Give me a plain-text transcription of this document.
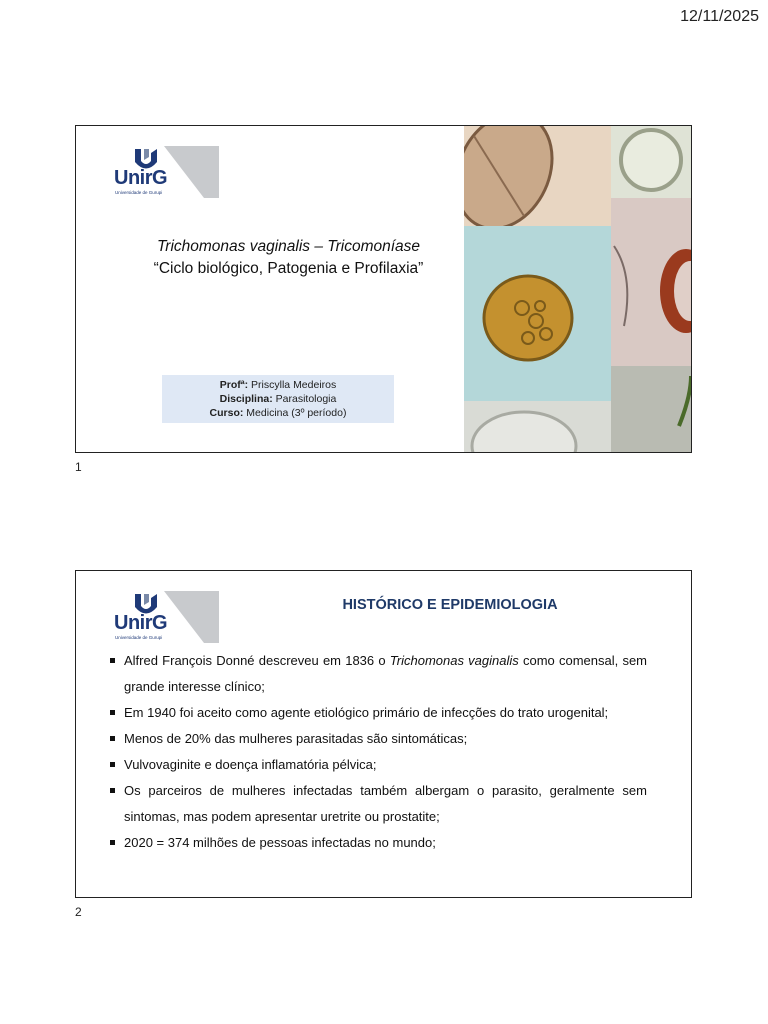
12/11/2025
UnirG
Universidade de Gurupi
Trichomonas vaginalis – Tricomoníase
“Ciclo biológico, Patogenia e Profilaxia”
Profª: Priscylla Medeiros
Disciplina: Parasitologia
Curso: Medicina (3º período)
1
UnirG
Universidade de Gurupi
HISTÓRICO E EPIDEMIOLOGIA
Alfred François Donné descreveu em 1836 o Trichomonas vaginalis como comensal, sem grande interesse clínico;
Em 1940 foi aceito como agente etiológico primário de infecções do trato urogenital;
Menos de 20% das mulheres parasitadas são sintomáticas;
Vulvovaginite e doença inflamatória pélvica;
Os parceiros de mulheres infectadas também albergam o parasito, geralmente sem sintomas, mas podem apresentar uretrite ou prostatite;
2020 = 374 milhões de pessoas infectadas no mundo;
2
